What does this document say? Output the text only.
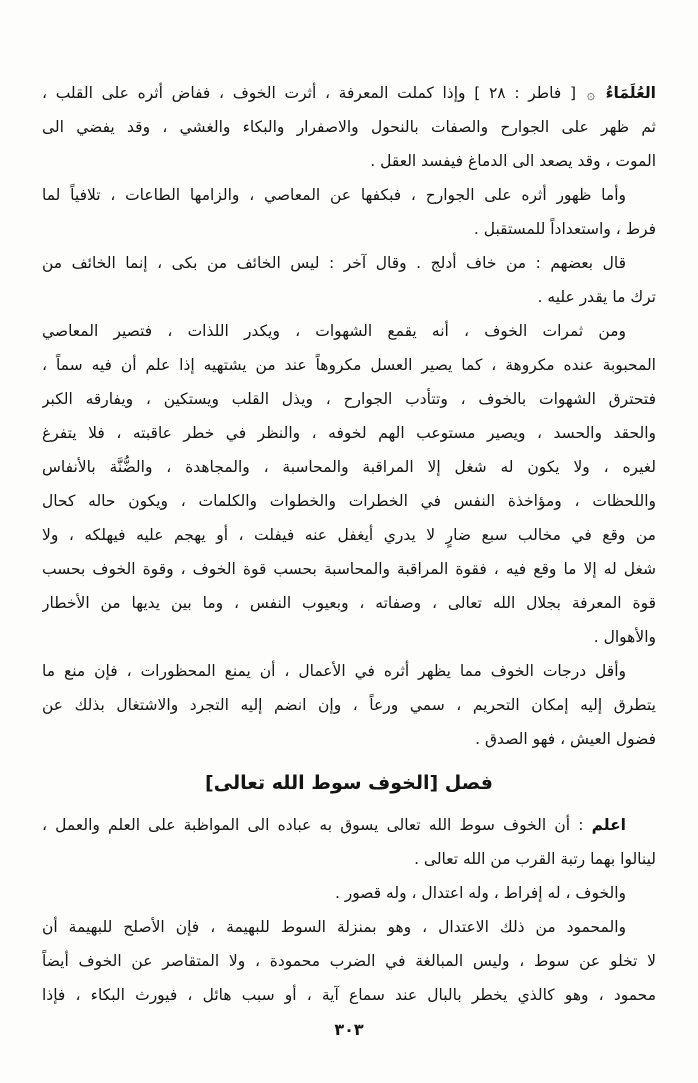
العُلَمَاءُ ۞ [ فاطر : ٢٨ ] وإذا كملت المعرفة ، أثرت الخوف ، ففاض أثره على القلب ،
ثم ظهر على الجوارح والصفات بالنحول والاصفرار والبكاء والغشي ، وقد يفضي الى
الموت ، وقد يصعد الى الدماغ فيفسد العقل .
وأما ظهور أثره على الجوارح ، فبكفها عن المعاصي ، والزامها الطاعات ، تلافياً لما
فرط ، واستعداداً للمستقبل .
قال بعضهم : من خاف أدلج . وقال آخر : ليس الخائف من بكى ، إنما الخائف من
ترك ما يقدر عليه .
ومن ثمرات الخوف ، أنه يقمع الشهوات ، ويكدر اللذات ، فتصير المعاصي
المحبوبة عنده مكروهة ، كما يصير العسل مكروهاً عند من يشتهيه إذا علم أن فيه سماً ،
فتحترق الشهوات بالخوف ، وتتأدب الجوارح ، ويذل القلب ويستكين ، ويفارقه الكبر
والحقد والحسد ، ويصير مستوعب الهم لخوفه ، والنظر في خطر عاقبته ، فلا يتفرغ
لغيره ، ولا يكون له شغل إلا المراقبة والمحاسبة ، والمجاهدة ، والضُّنَّة بالأنفاس
واللحظات ، ومؤاخذة النفس في الخطرات والخطوات والكلمات ، ويكون حاله كحال
من وقع في مخالب سبع ضارٍ لا يدري أيغفل عنه فيفلت ، أو يهجم عليه فيهلكه ، ولا
شغل له إلا ما وقع فيه ، فقوة المراقبة والمحاسبة بحسب قوة الخوف ، وقوة الخوف بحسب
قوة المعرفة بجلال الله تعالى ، وصفاته ، وبعيوب النفس ، وما بين يديها من الأخطار
والأهوال .
وأقل درجات الخوف مما يظهر أثره في الأعمال ، أن يمنع المحظورات ، فإن منع ما
يتطرق إليه إمكان التحريم ، سمي ورعاً ، وإن انضم إليه التجرد والاشتغال بذلك عن
فضول العيش ، فهو الصدق .
فصل [الخوف سوط الله تعالى]
اعلم : أن الخوف سوط الله تعالى يسوق به عباده الى المواظبة على العلم والعمل ،
لينالوا بهما رتبة القرب من الله تعالى .
والخوف ، له إفراط ، وله اعتدال ، وله قصور .
والمحمود من ذلك الاعتدال ، وهو بمنزلة السوط للبهيمة ، فإن الأصلح للبهيمة أن
لا تخلو عن سوط ، وليس المبالغة في الضرب محمودة ، ولا المتقاصر عن الخوف أيضاً
محمود ، وهو كالذي يخطر بالبال عند سماع آية ، أو سبب هائل ، فيورث البكاء ، فإذا
٣٠٣
